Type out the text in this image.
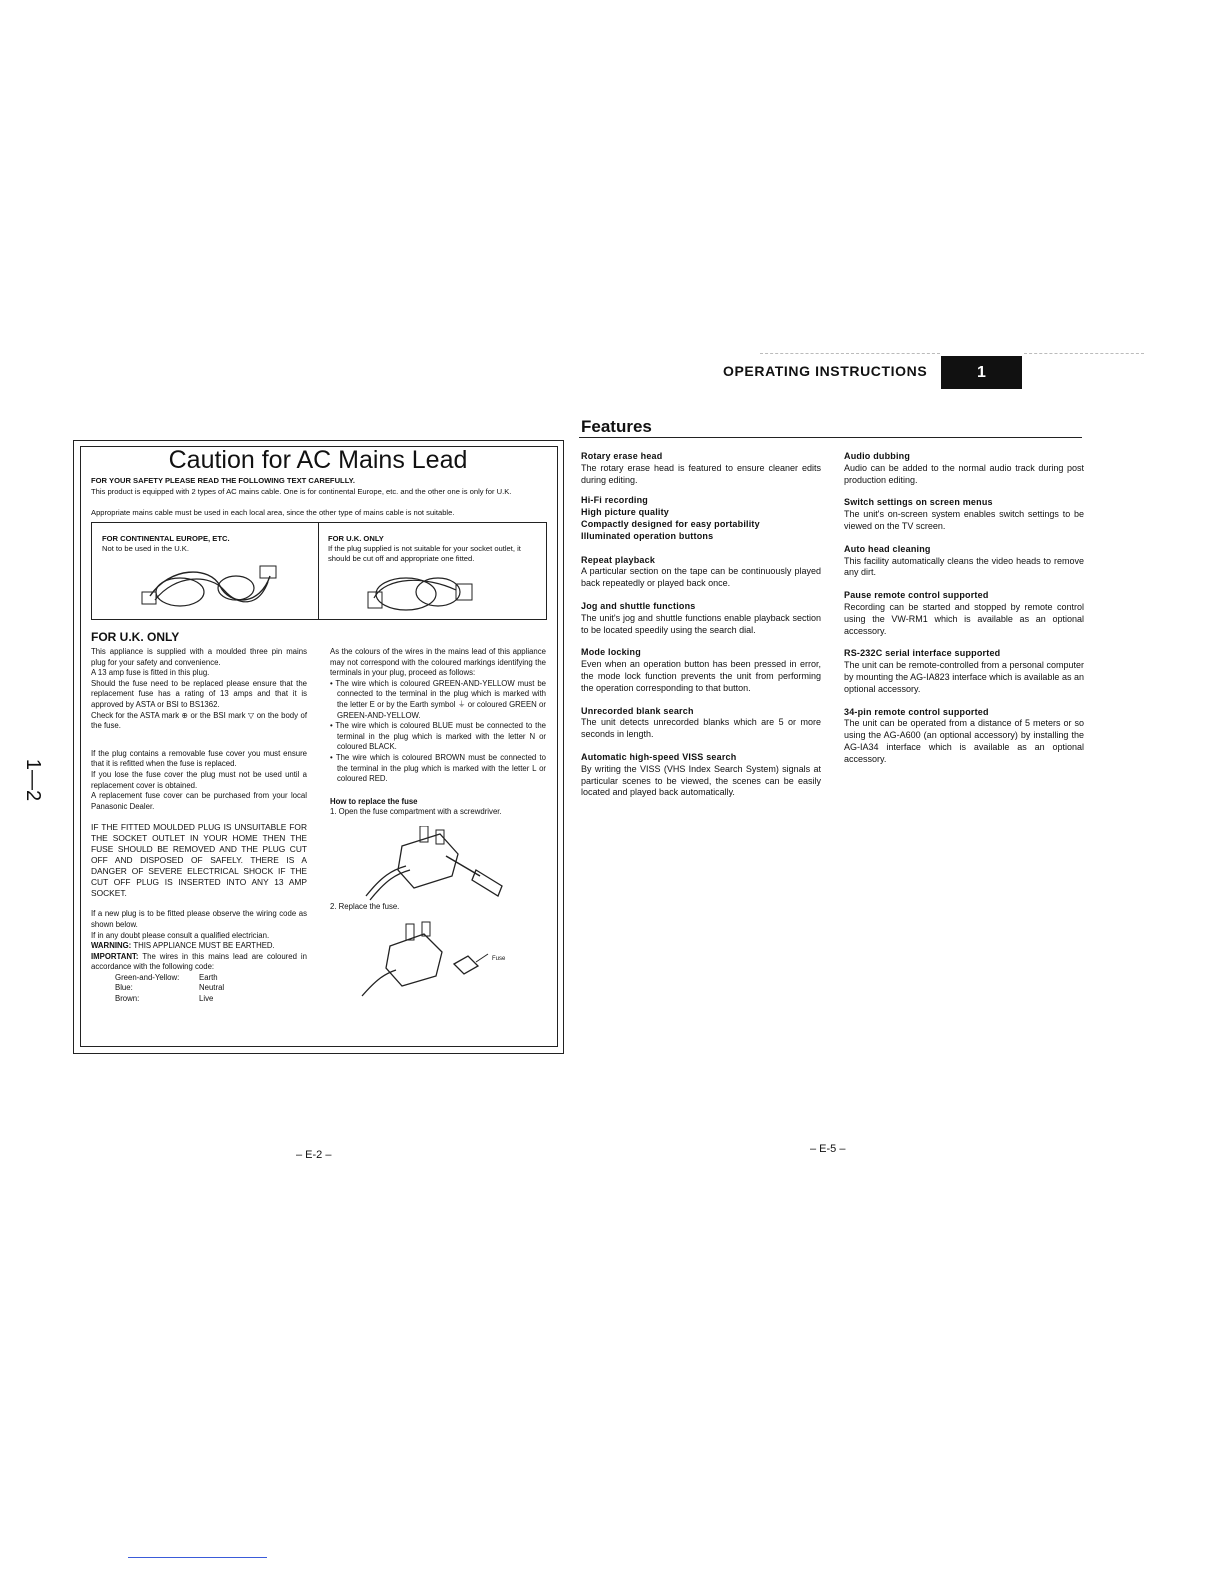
OPERATING INSTRUCTIONS	1
Caution for AC Mains Lead
FOR YOUR SAFETY PLEASE READ THE FOLLOWING TEXT CAREFULLY.
This product is equipped with 2 types of AC mains cable. One is for continental Europe, etc. and the other one is only for U.K.
Appropriate mains cable must be used in each local area, since the other type of mains cable is not suitable.
FOR CONTINENTAL EUROPE, ETC.
Not to be used in the U.K.
FOR U.K. ONLY
If the plug supplied is not suitable for your socket outlet, it should be cut off and appropriate one fitted.
FOR U.K. ONLY

This appliance is supplied with a moulded three pin mains plug for your safety and convenience.

A 13 amp fuse is fitted in this plug.

Should the fuse need to be replaced please ensure that the replacement fuse has a rating of 13 amps and that it is approved by ASTA or BSI to BS1362.

Check for the ASTA mark ⊕ or the BSI mark ▽ on the body of the fuse.

If the plug contains a removable fuse cover you must ensure that it is refitted when the fuse is replaced.

If you lose the fuse cover the plug must not be used until a replacement cover is obtained.

A replacement fuse cover can be purchased from your local Panasonic Dealer.

IF THE FITTED MOULDED PLUG IS UNSUITABLE FOR THE SOCKET OUTLET IN YOUR HOME THEN THE FUSE SHOULD BE REMOVED AND THE PLUG CUT OFF AND DISPOSED OF SAFELY. THERE IS A DANGER OF SEVERE ELECTRICAL SHOCK IF THE CUT OFF PLUG IS INSERTED INTO ANY 13 AMP SOCKET.

If a new plug is to be fitted please observe the wiring code as shown below.

If in any doubt please consult a qualified electrician.

WARNING: THIS APPLIANCE MUST BE EARTHED.

IMPORTANT: The wires in this mains lead are coloured in accordance with the following code:

Green-and-Yellow:	Earth
Blue:	Neutral
Brown:	Live

As the colours of the wires in the mains lead of this appliance may not correspond with the coloured markings identifying the terminals in your plug, proceed as follows:

• The wire which is coloured GREEN-AND-YELLOW must be connected to the terminal in the plug which is marked with the letter E or by the Earth symbol ⏚ or coloured GREEN or GREEN-AND-YELLOW.
• The wire which is coloured BLUE must be connected to the terminal in the plug which is marked with the letter N or coloured BLACK.
• The wire which is coloured BROWN must be connected to the terminal in the plug which is marked with the letter L or coloured RED.

How to replace the fuse

1. Open the fuse compartment with a screwdriver.

2. Replace the fuse.
Fuse
Features
Rotary erase head

The rotary erase head is featured to ensure cleaner edits during editing.

Hi-Fi recording
High picture quality
Compactly designed for easy portability
Illuminated operation buttons
Repeat playback

A particular section on the tape can be continuously played back repeatedly or played back once.

Jog and shuttle functions

The unit's jog and shuttle functions enable playback section to be located speedily using the search dial.

Mode locking

Even when an operation button has been pressed in error, the mode lock function prevents the unit from performing the operation corresponding to that button.

Unrecorded blank search

The unit detects unrecorded blanks which are 5 or more seconds in length.

Automatic high-speed VISS search

By writing the VISS (VHS Index Search System) signals at particular scenes to be viewed, the scenes can be easily located and played back automatically.

Audio dubbing

Audio can be added to the normal audio track during post production editing.

Switch settings on screen menus

The unit's on-screen system enables switch settings to be viewed on the TV screen.

Auto head cleaning

This facility automatically cleans the video heads to remove any dirt.

Pause remote control supported

Recording can be started and stopped by remote control using the VW-RM1 which is available as an optional accessory.

RS-232C serial interface supported

The unit can be remote-controlled from a personal computer by mounting the AG-IA823 interface which is available as an optional accessory.

34-pin remote control supported

The unit can be operated from a distance of 5 meters or so using the AG-A600 (an optional accessory) by installing the AG-IA34 interface which is available as an optional accessory.

– E-2 –	– E-5 –
1—2
